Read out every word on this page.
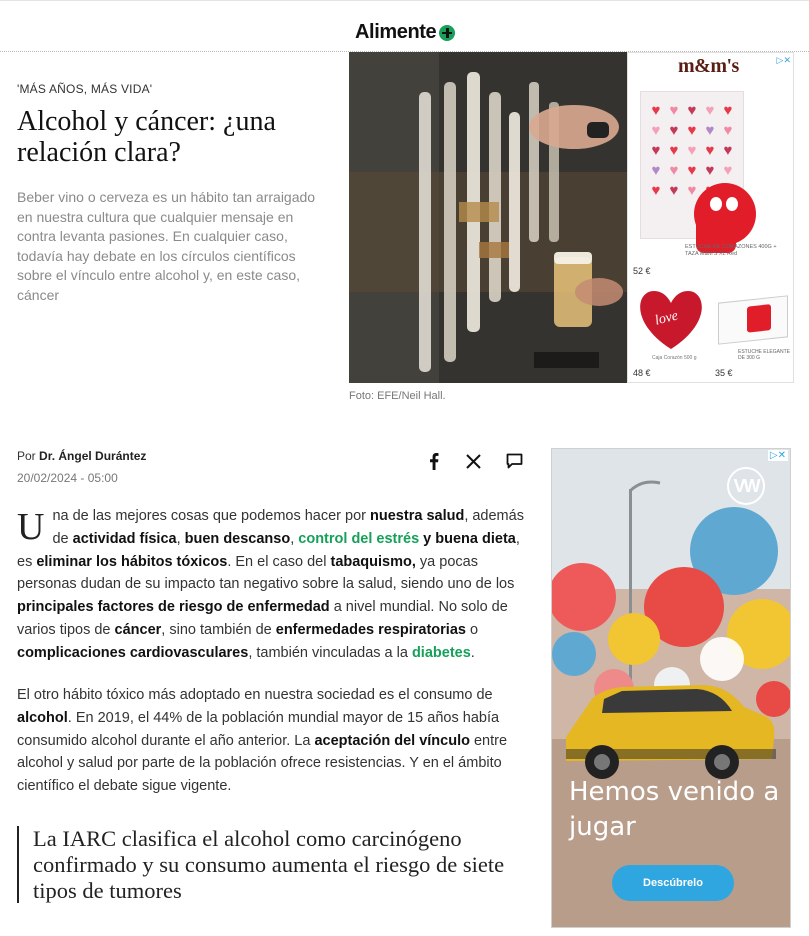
Alimente
'MÁS AÑOS, MÁS VIDA'
Alcohol y cáncer: ¿una relación clara?

Beber vino o cerveza es un hábito tan arraigado en nuestra cultura que cualquier mensaje en contra levanta pasiones. En cualquier caso, todavía hay debate en los círculos científicos sobre el vínculo entre alcohol y, en este caso, cáncer

Foto: EFE/Neil Hall.
m&m's	▷✕
♥ ♥ ♥ ♥ ♥
♥ ♥ ♥ ♥ ♥
♥ ♥ ♥ ♥ ♥
♥ ♥ ♥ ♥ ♥
♥ ♥ ♥
ESTUCHE DE CORAZONES 400G + TAZA M&M'S XL Red
52 €
love
Caja Corazón 500 g
ESTUCHE ELEGANTE DE 300 G
48 €	35 €
Por Dr. Ángel Durántez
20/02/2024 - 05:00
Una de las mejores cosas que podemos hacer por nuestra salud, además de actividad física, buen descanso, control del estrés y buena dieta, es eliminar los hábitos tóxicos. En el caso del tabaquismo, ya pocas personas dudan de su impacto tan negativo sobre la salud, siendo uno de los principales factores de riesgo de enfermedad a nivel mundial. No solo de varios tipos de cáncer, sino también de enfermedades respiratorias o complicaciones cardiovasculares, también vinculadas a la diabetes.
El otro hábito tóxico más adoptado en nuestra sociedad es el consumo de alcohol. En 2019, el 44% de la población mundial mayor de 15 años había consumido alcohol durante el año anterior. La aceptación del vínculo entre alcohol y salud por parte de la población ofrece resistencias. Y en el ámbito científico el debate sigue vigente.
La IARC clasifica el alcohol como carcinógeno confirmado y su consumo aumenta el riesgo de siete tipos de tumores
▷✕
VW
Hemos venido a jugar
Descúbrelo
